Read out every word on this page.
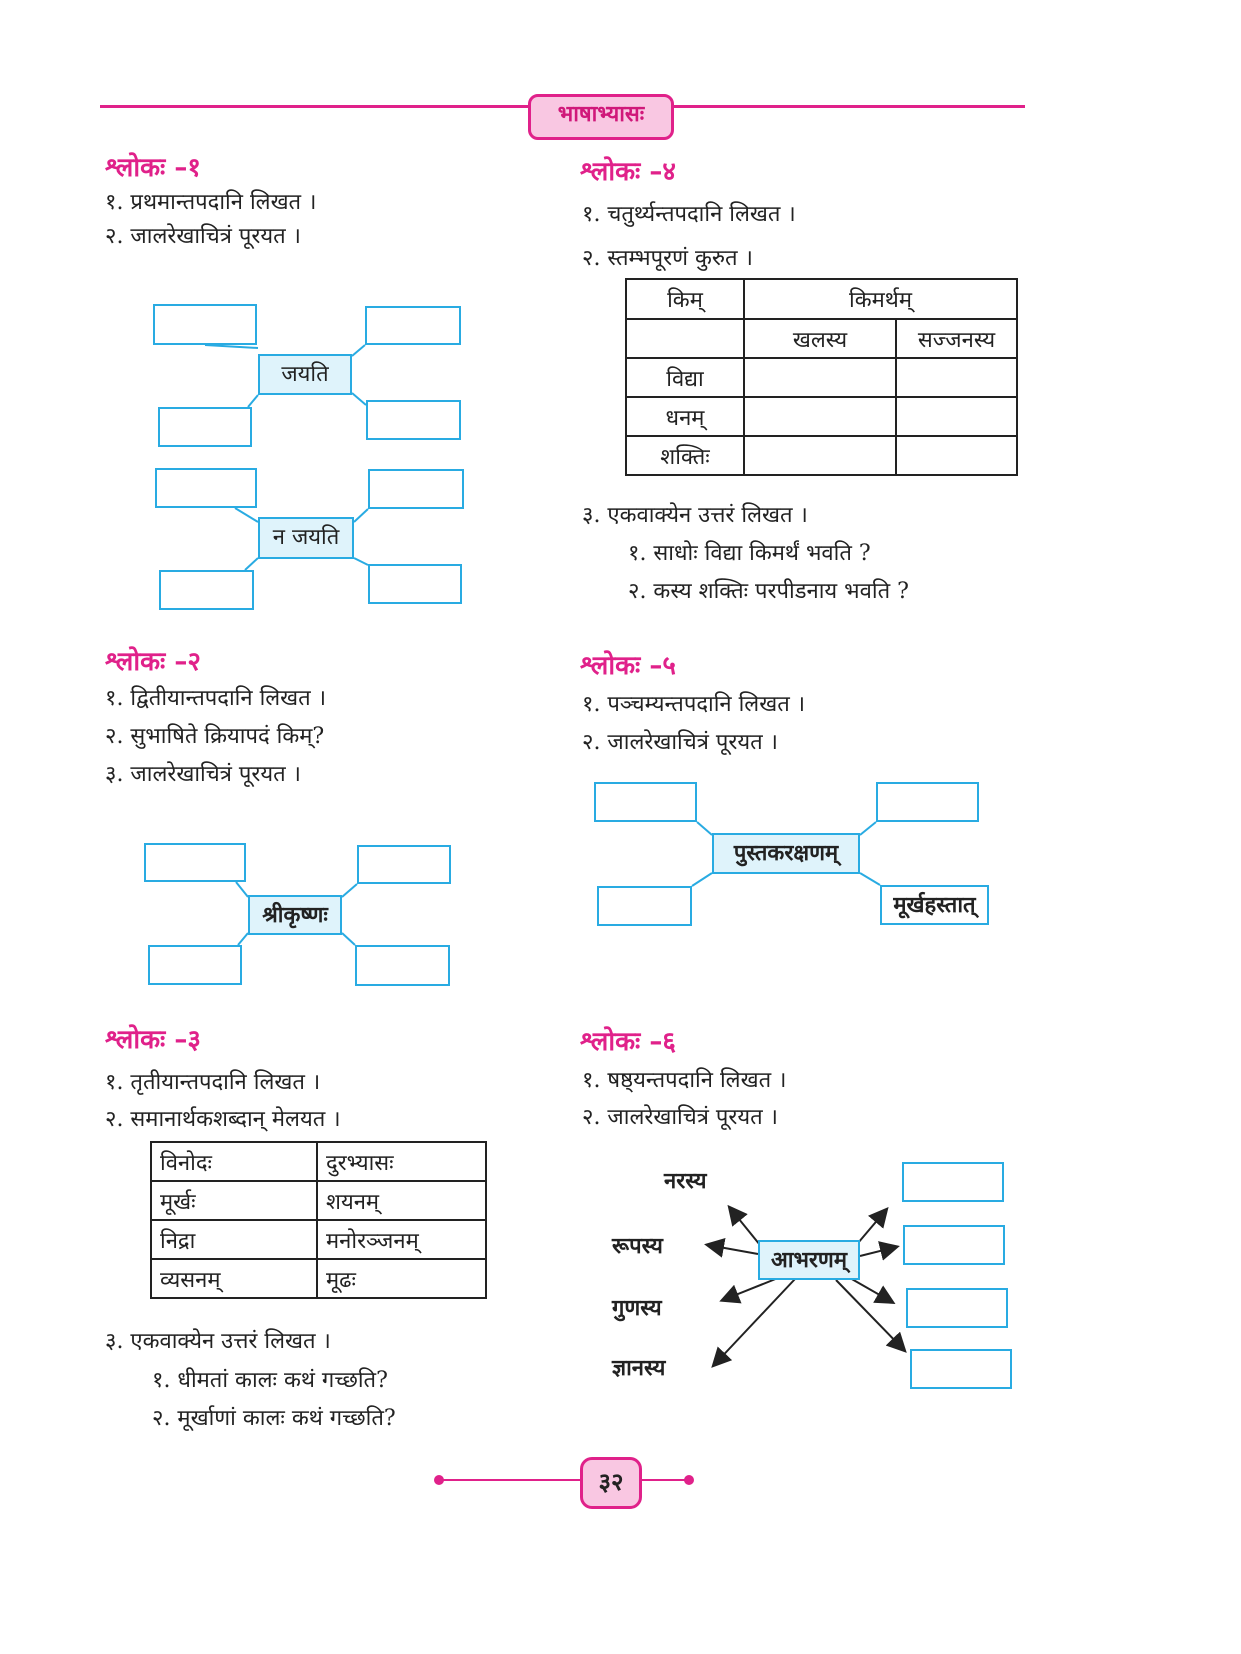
भाषाभ्यासः
श्लोकः –१
१. प्रथमान्तपदानि लिखत ।
२. जालरेखाचित्रं पूरयत ।
जयति
न जयति
श्लोकः –२
१. द्वितीयान्तपदानि लिखत ।
२. सुभाषिते क्रियापदं किम्?
३. जालरेखाचित्रं पूरयत ।
श्रीकृष्णः
श्लोकः –३
१. तृतीयान्तपदानि लिखत ।
२. समानार्थकशब्दान् मेलयत ।
विनोदः	दुरभ्यासः
मूर्खः	शयनम्
निद्रा	मनोरञ्जनम्
व्यसनम्	मूढः
३. एकवाक्येन उत्तरं लिखत ।
१. धीमतां कालः कथं गच्छति?
२. मूर्खाणां कालः कथं गच्छति?
श्लोकः –४
१. चतुर्थ्यन्तपदानि लिखत ।
२. स्तम्भपूरणं कुरुत ।
किम्	किमर्थम्	
	खलस्य	सज्जनस्य
विद्या		
धनम्		
शक्तिः		
३. एकवाक्येन उत्तरं लिखत ।
१. साधोः विद्या किमर्थं भवति ?
२. कस्य शक्तिः परपीडनाय भवति ?
श्लोकः –५
१. पञ्चम्यन्तपदानि लिखत ।
२. जालरेखाचित्रं पूरयत ।
पुस्तकरक्षणम्
मूर्खहस्तात्
श्लोकः –६
१. षष्ठ्यन्तपदानि लिखत ।
२. जालरेखाचित्रं पूरयत ।
नरस्य
रूपस्य
गुणस्य
ज्ञानस्य
आभरणम्
३२
